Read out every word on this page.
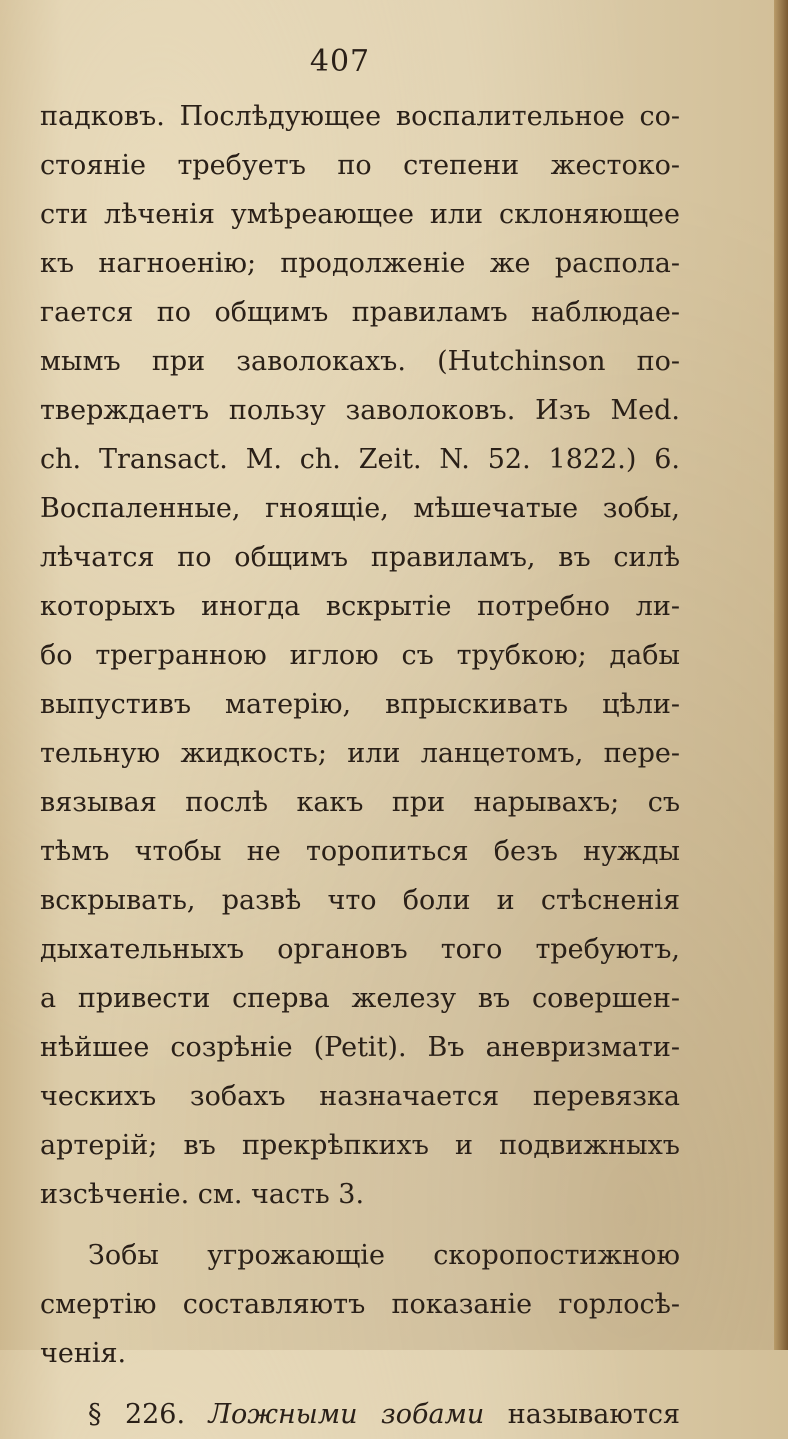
407
падковъ. Послѣдующее воспалительное со-
стояніе требуетъ по степени жестоко-
сти лѣченія умѣреающее или склоняющее
къ нагноенію; продолженіе же распола-
гается по общимъ правиламъ наблюдае-
мымъ при заволокахъ. (Hutchinson по-
тверждаетъ пользу заволоковъ. Изъ Med.
ch. Transact. M. ch. Zeit. N. 52. 1822.) 6.
Воспаленные, гноящіе, мѣшечатые зобы,
лѣчатся по общимъ правиламъ, въ силѣ
которыхъ иногда вскрытіе потребно ли-
бо трегранною иглою съ трубкою; дабы
выпустивъ матерію, впрыскивать цѣли-
тельную жидкость; или ланцетомъ, пере-
вязывая послѣ какъ при нарывахъ; съ
тѣмъ чтобы не торопиться безъ нужды
вскрывать, развѣ что боли и стѣсненія
дыхательныхъ органовъ того требуютъ,
а привести сперва железу въ совершен-
нѣйшее созрѣніе (Petit). Въ аневризмати-
ческихъ зобахъ назначается перевязка
артерій; въ прекрѣпкихъ и подвижныхъ
изсѣченіе. см. часть 3.
Зобы угрожающіе скоропостижною
смертію составляютъ показаніе горлосѣ-
ченія.
§ 226. Ложными зобами называются
